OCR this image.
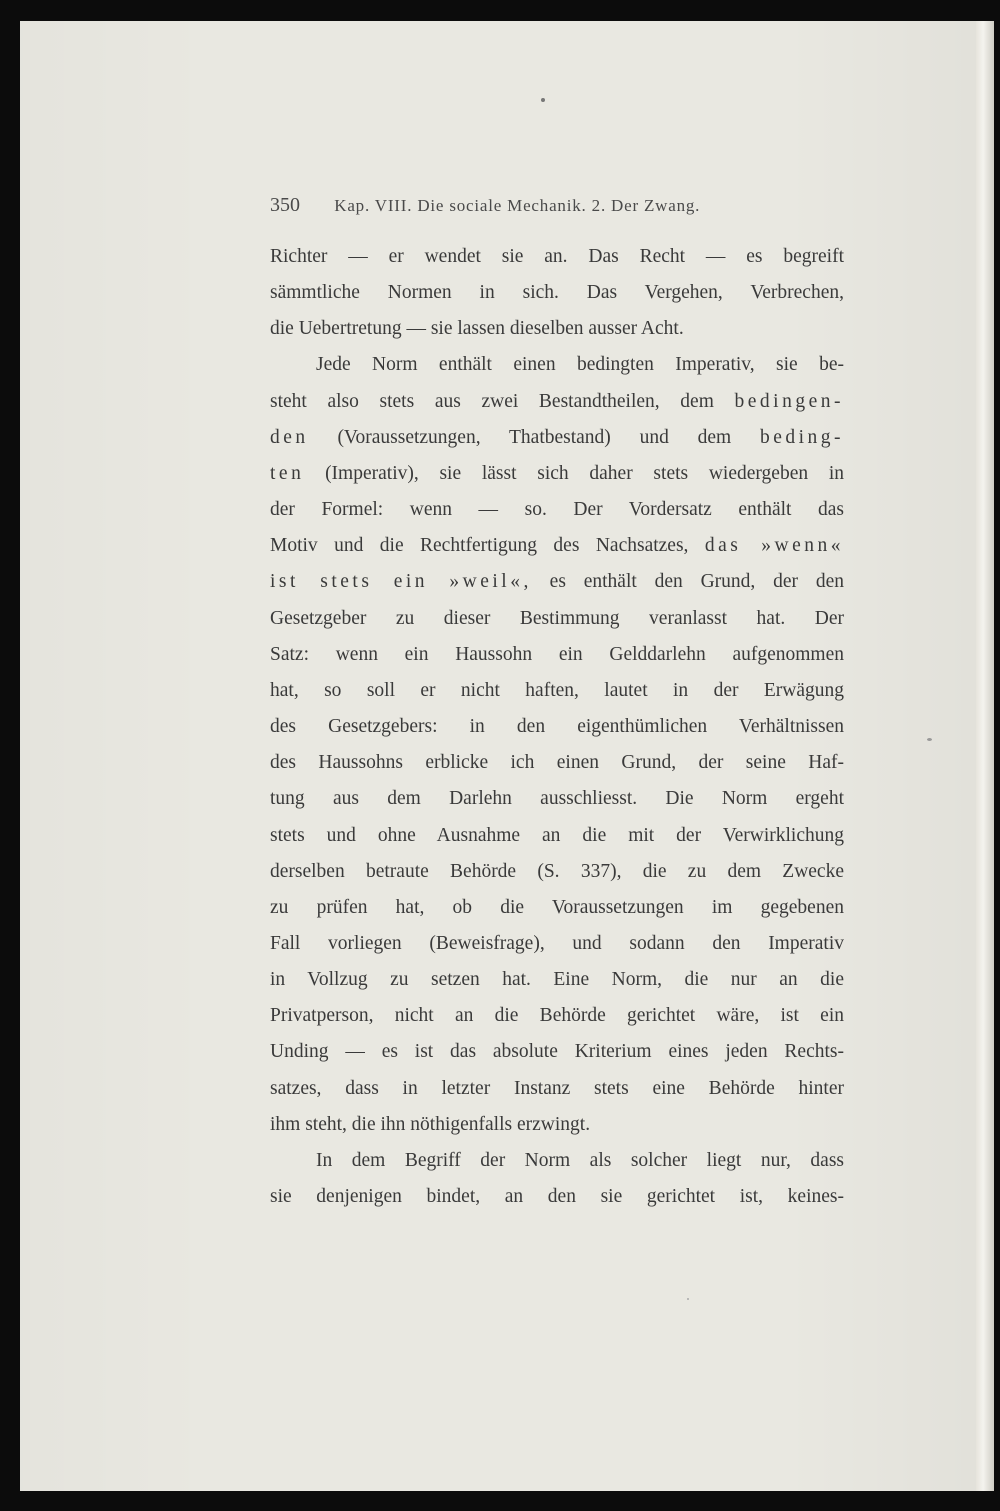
350 Kap. VIII. Die sociale Mechanik. 2. Der Zwang.
Richter — er wendet sie an. Das Recht — es begreift
sämmtliche Normen in sich. Das Vergehen, Verbrechen,
die Uebertretung — sie lassen dieselben ausser Acht.
Jede Norm enthält einen bedingten Imperativ, sie be-
steht also stets aus zwei Bestandtheilen, dem bedingen-
den (Voraussetzungen, Thatbestand) und dem beding-
ten (Imperativ), sie lässt sich daher stets wiedergeben in
der Formel: wenn — so. Der Vordersatz enthält das
Motiv und die Rechtfertigung des Nachsatzes, das »wenn«
ist stets ein »weil«, es enthält den Grund, der den
Gesetzgeber zu dieser Bestimmung veranlasst hat. Der
Satz: wenn ein Haussohn ein Gelddarlehn aufgenommen
hat, so soll er nicht haften, lautet in der Erwägung
des Gesetzgebers: in den eigenthümlichen Verhältnissen
des Haussohns erblicke ich einen Grund, der seine Haf-
tung aus dem Darlehn ausschliesst. Die Norm ergeht
stets und ohne Ausnahme an die mit der Verwirklichung
derselben betraute Behörde (S. 337), die zu dem Zwecke
zu prüfen hat, ob die Voraussetzungen im gegebenen
Fall vorliegen (Beweisfrage), und sodann den Imperativ
in Vollzug zu setzen hat. Eine Norm, die nur an die
Privatperson, nicht an die Behörde gerichtet wäre, ist ein
Unding — es ist das absolute Kriterium eines jeden Rechts-
satzes, dass in letzter Instanz stets eine Behörde hinter
ihm steht, die ihn nöthigenfalls erzwingt.
In dem Begriff der Norm als solcher liegt nur, dass
sie denjenigen bindet, an den sie gerichtet ist, keines-
